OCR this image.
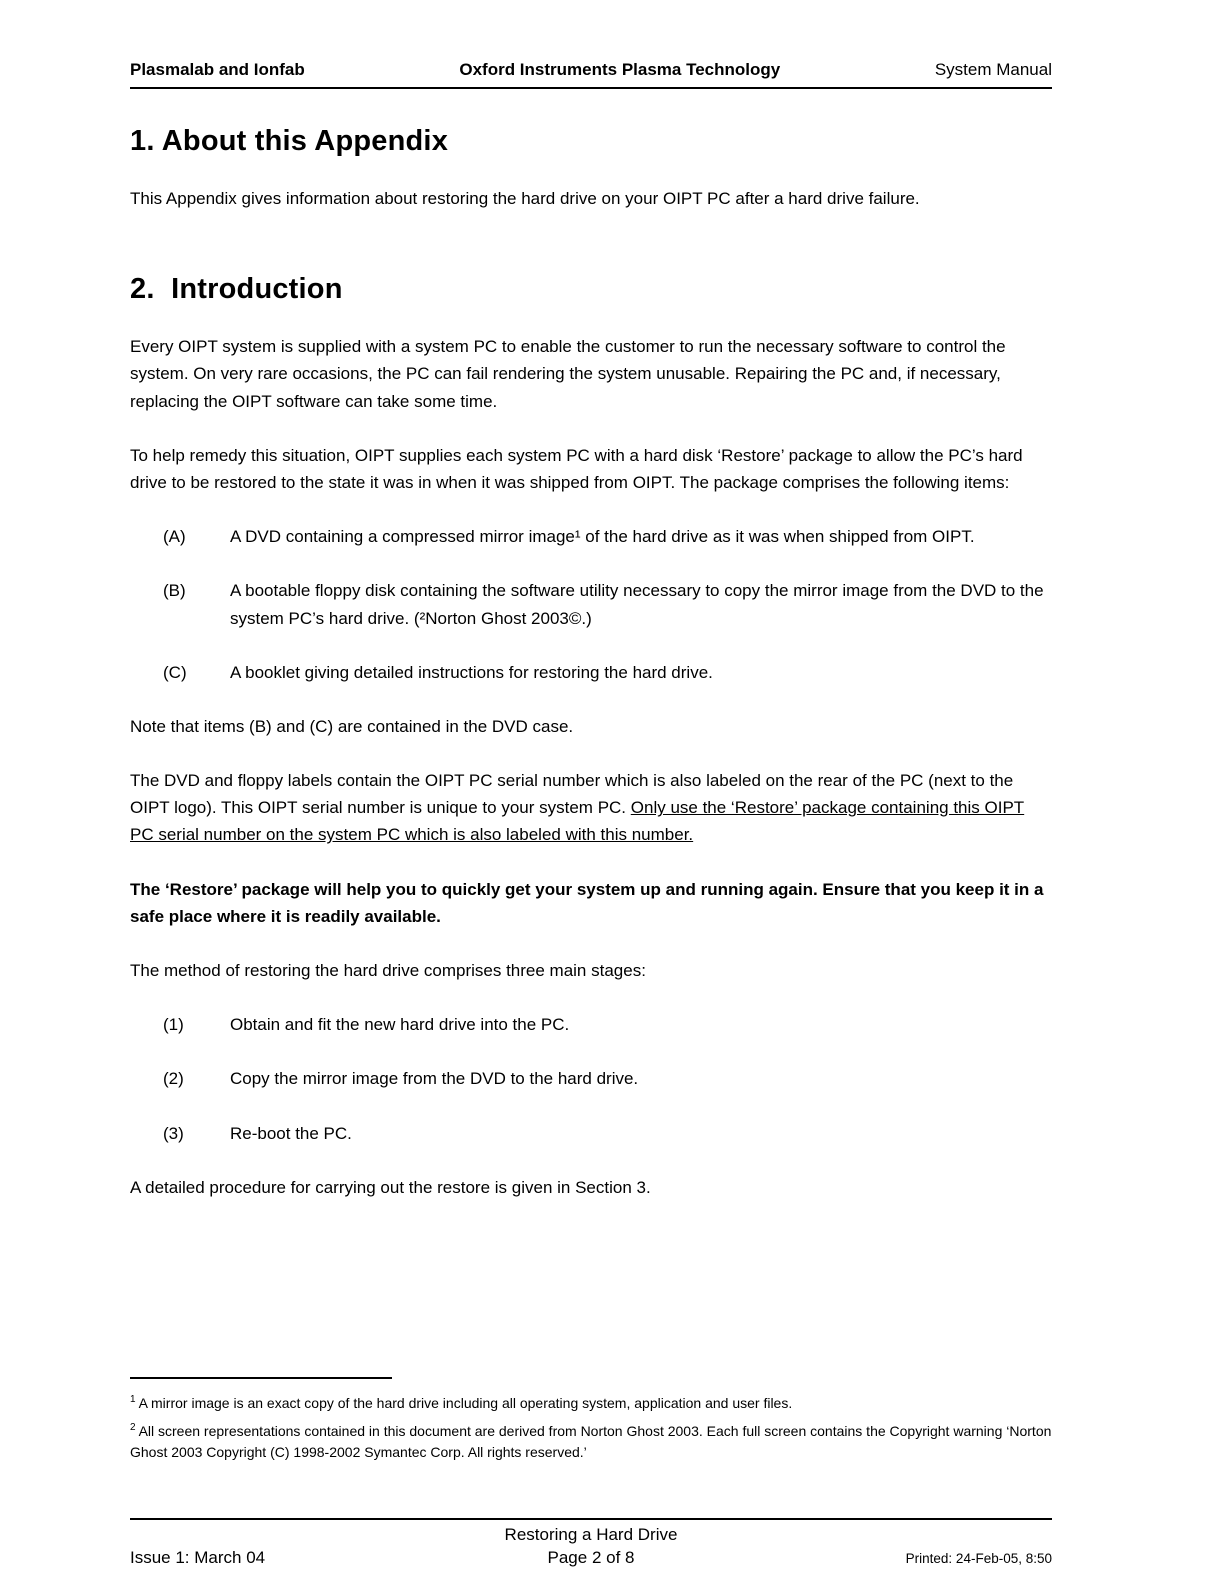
Plasmalab and Ionfab	Oxford Instruments Plasma Technology	System Manual
1. About this Appendix

This Appendix gives information about restoring the hard drive on your OIPT PC after a hard drive failure.

2.  Introduction

Every OIPT system is supplied with a system PC to enable the customer to run the necessary software to control the system. On very rare occasions, the PC can fail rendering the system unusable. Repairing the PC and, if necessary, replacing the OIPT software can take some time.

To help remedy this situation, OIPT supplies each system PC with a hard disk ‘Restore’ package to allow the PC’s hard drive to be restored to the state it was in when it was shipped from OIPT. The package comprises the following items:

(A)	A DVD containing a compressed mirror image¹ of the hard drive as it was when shipped from OIPT.
(B)	A bootable floppy disk containing the software utility necessary to copy the mirror image from the DVD to the system PC’s hard drive. (²Norton Ghost 2003©.)
(C)	A booklet giving detailed instructions for restoring the hard drive.

Note that items (B) and (C) are contained in the DVD case.

The DVD and floppy labels contain the OIPT PC serial number which is also labeled on the rear of the PC (next to the OIPT logo). This OIPT serial number is unique to your system PC. Only use the ‘Restore’ package containing this OIPT PC serial number on the system PC which is also labeled with this number.

The ‘Restore’ package will help you to quickly get your system up and running again. Ensure that you keep it in a safe place where it is readily available.

The method of restoring the hard drive comprises three main stages:

(1)	Obtain and fit the new hard drive into the PC.
(2)	Copy the mirror image from the DVD to the hard drive.
(3)	Re-boot the PC.

A detailed procedure for carrying out the restore is given in Section 3.

$^1$ A mirror image is an exact copy of the hard drive including all operating system, application and user files.

$^2$ All screen representations contained in this document are derived from Norton Ghost 2003. Each full screen contains the Copyright warning ‘Norton Ghost 2003 Copyright (C) 1998-2002 Symantec Corp. All rights reserved.’

Restoring a Hard Drive
Issue 1: March 04	Page 2 of 8	Printed: 24-Feb-05, 8:50
